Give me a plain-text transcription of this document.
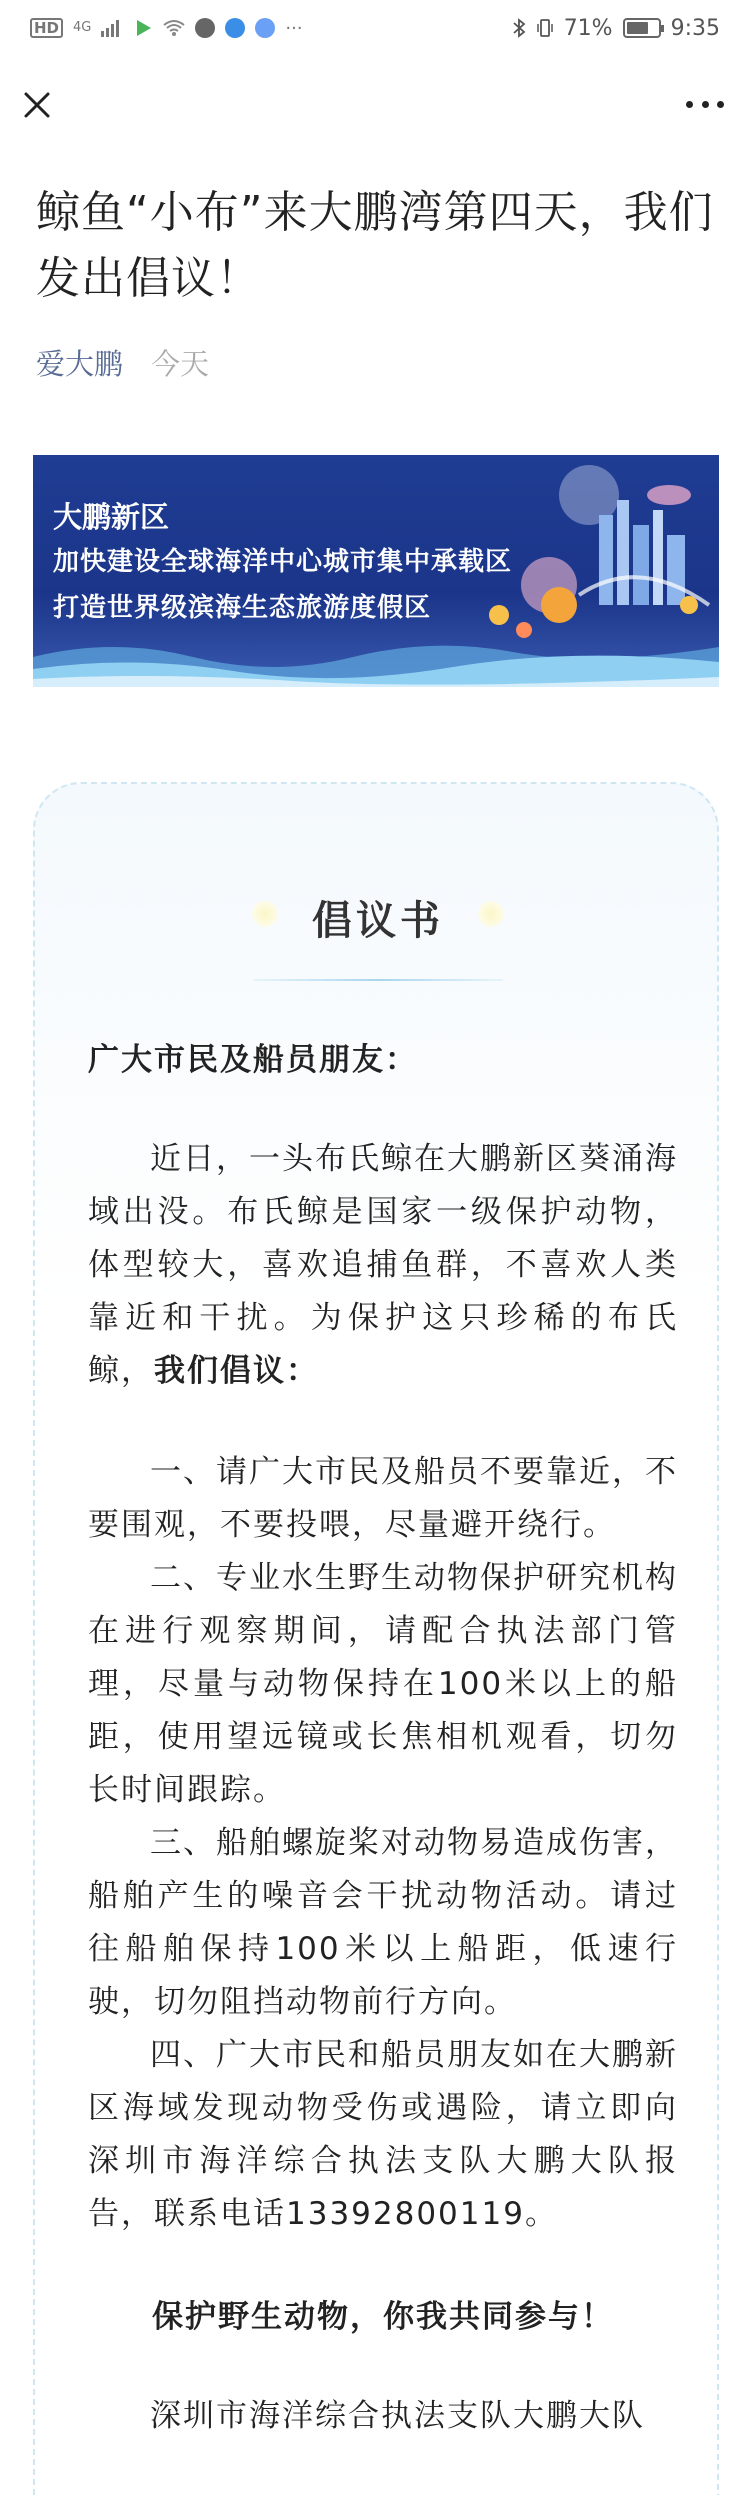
HD	4G	···	71%	9:35
鲸鱼“小布”来大鹏湾第四天，我们发出倡议！
爱大鹏 今天
大鹏新区
加快建设全球海洋中心城市集中承载区
打造世界级滨海生态旅游度假区
倡议书

广大市民及船员朋友：

近日，一头布氏鲸在大鹏新区葵涌海域出没。布氏鲸是国家一级保护动物，体型较大，喜欢追捕鱼群，不喜欢人类靠近和干扰。为保护这只珍稀的布氏鲸，我们倡议：

一、请广大市民及船员不要靠近，不要围观，不要投喂，尽量避开绕行。

二、专业水生野生动物保护研究机构在进行观察期间，请配合执法部门管理，尽量与动物保持在100米以上的船距，使用望远镜或长焦相机观看，切勿长时间跟踪。

三、船舶螺旋桨对动物易造成伤害，船舶产生的噪音会干扰动物活动。请过往船舶保持100米以上船距，低速行驶，切勿阻挡动物前行方向。

四、广大市民和船员朋友如在大鹏新区海域发现动物受伤或遇险，请立即向深圳市海洋综合执法支队大鹏大队报告，联系电话13392800119。

保护野生动物，你我共同参与！

深圳市海洋综合执法支队大鹏大队
